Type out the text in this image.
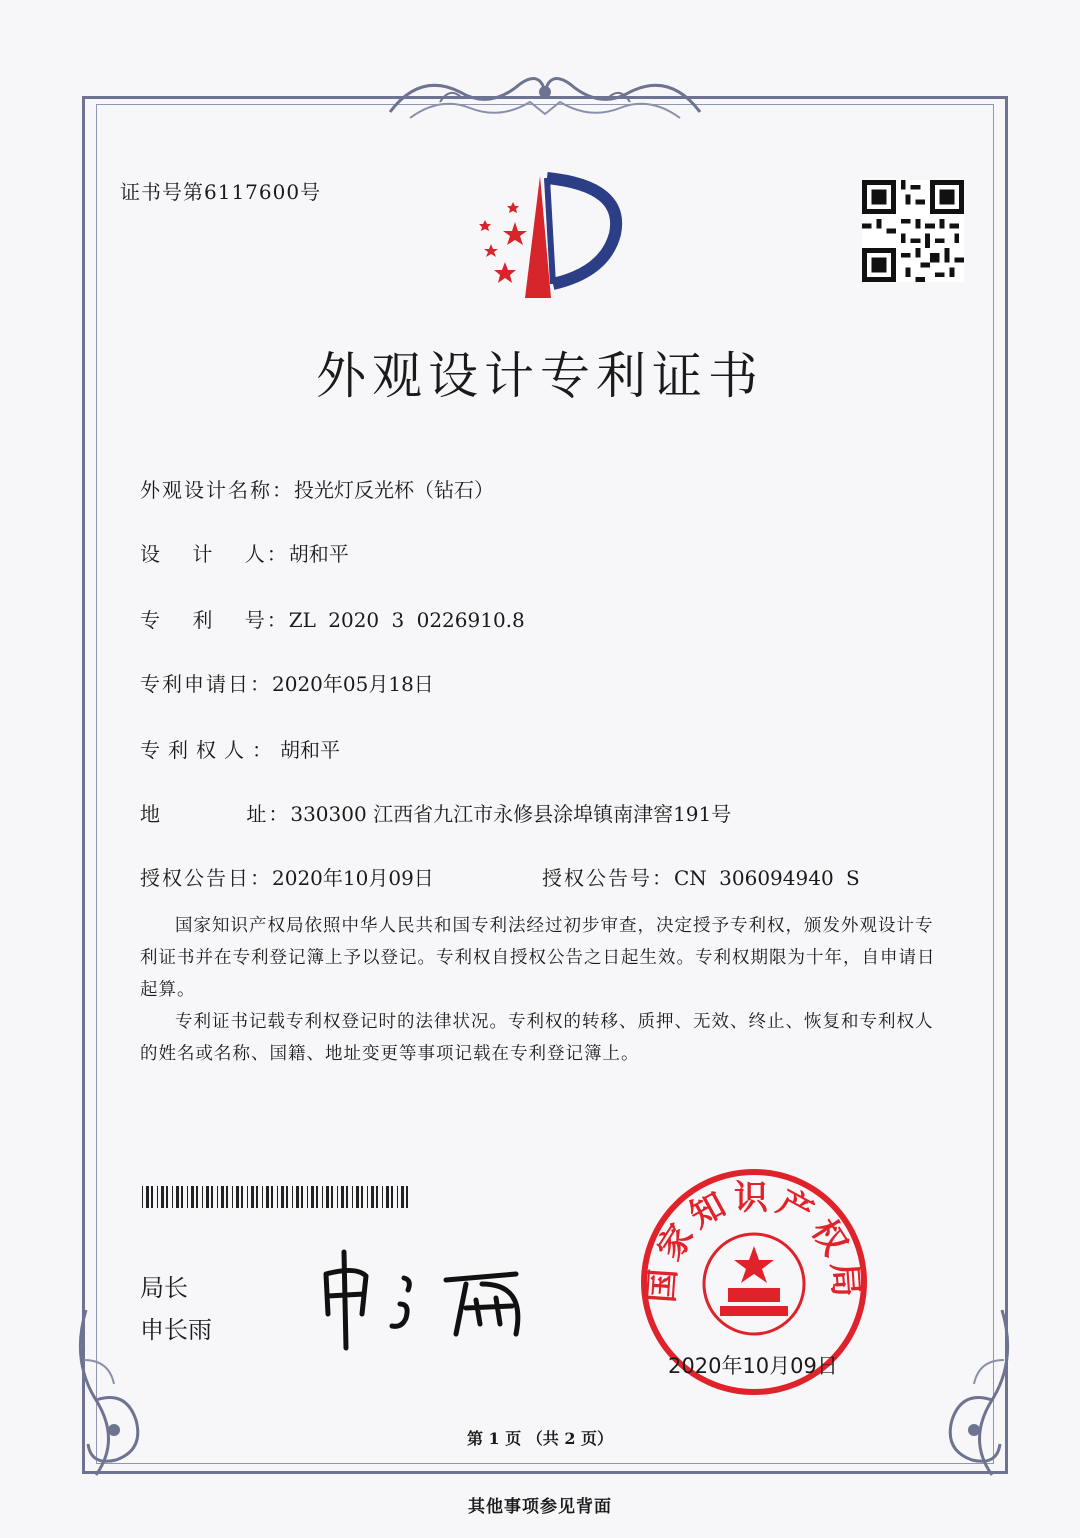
证书号第6117600号
外观设计专利证书
外观设计名称：投光灯反光杯（钻石）
设 计 人：胡和平
专 利 号：ZL 2020 3 0226910.8
专利申请日：2020年05月18日
专利权人：胡和平
地 址：330300 江西省九江市永修县涂埠镇南津窖191号
授权公告日：2020年10月09日	授权公告号：CN 306094940 S
国家知识产权局依照中华人民共和国专利法经过初步审查，决定授予专利权，颁发外观设计专利证书并在专利登记簿上予以登记。专利权自授权公告之日起生效。专利权期限为十年，自申请日起算。
专利证书记载专利权登记时的法律状况。专利权的转移、质押、无效、终止、恢复和专利权人的姓名或名称、国籍、地址变更等事项记载在专利登记簿上。
局长
申长雨
国家知识产权局
2020年10月09日
第 1 页 （共 2 页）
其他事项参见背面
